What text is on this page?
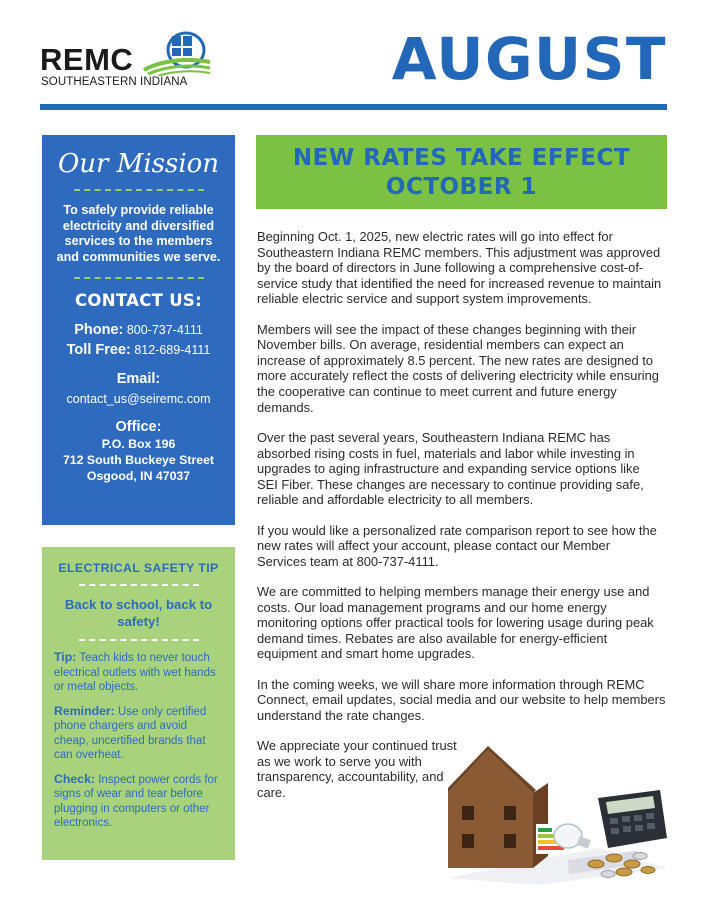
REMC
SOUTHEASTERN INDIANA	AUGUST
Our Mission
To safely provide reliable electricity and diversified services to the members and communities we serve.
CONTACT US:
Phone: 800-737-4111
Toll Free: 812-689-4111
Email:
contact_us@seiremc.com
Office:
P.O. Box 196
712 South Buckeye Street
Osgood, IN 47037
ELECTRICAL SAFETY TIP
Back to school, back to safety!
Tip: Teach kids to never touch electrical outlets with wet hands or metal objects.
Reminder: Use only certified phone chargers and avoid cheap, uncertified brands that can overheat.
Check: Inspect power cords for signs of wear and tear before plugging in computers or other electronics.
NEW RATES TAKE EFFECT
OCTOBER 1

Beginning Oct. 1, 2025, new electric rates will go into effect for Southeastern Indiana REMC members. This adjustment was approved by the board of directors in June following a comprehensive cost-of-service study that identified the need for increased revenue to maintain reliable electric service and support system improvements.

Members will see the impact of these changes beginning with their November bills. On average, residential members can expect an increase of approximately 8.5 percent. The new rates are designed to more accurately reflect the costs of delivering electricity while ensuring the cooperative can continue to meet current and future energy demands.

Over the past several years, Southeastern Indiana REMC has absorbed rising costs in fuel, materials and labor while investing in upgrades to aging infrastructure and expanding service options like SEI Fiber. These changes are necessary to continue providing safe, reliable and affordable electricity to all members.

If you would like a personalized rate comparison report to see how the new rates will affect your account, please contact our Member Services team at 800-737-4111.

We are committed to helping members manage their energy use and costs. Our load management programs and our home energy monitoring options offer practical tools for lowering usage during peak demand times. Rebates are also available for energy-efficient equipment and smart home upgrades.

In the coming weeks, we will share more information through REMC Connect, email updates, social media and our website to help members understand the rate changes.

We appreciate your continued trust as we work to serve you with transparency, accountability, and care.
